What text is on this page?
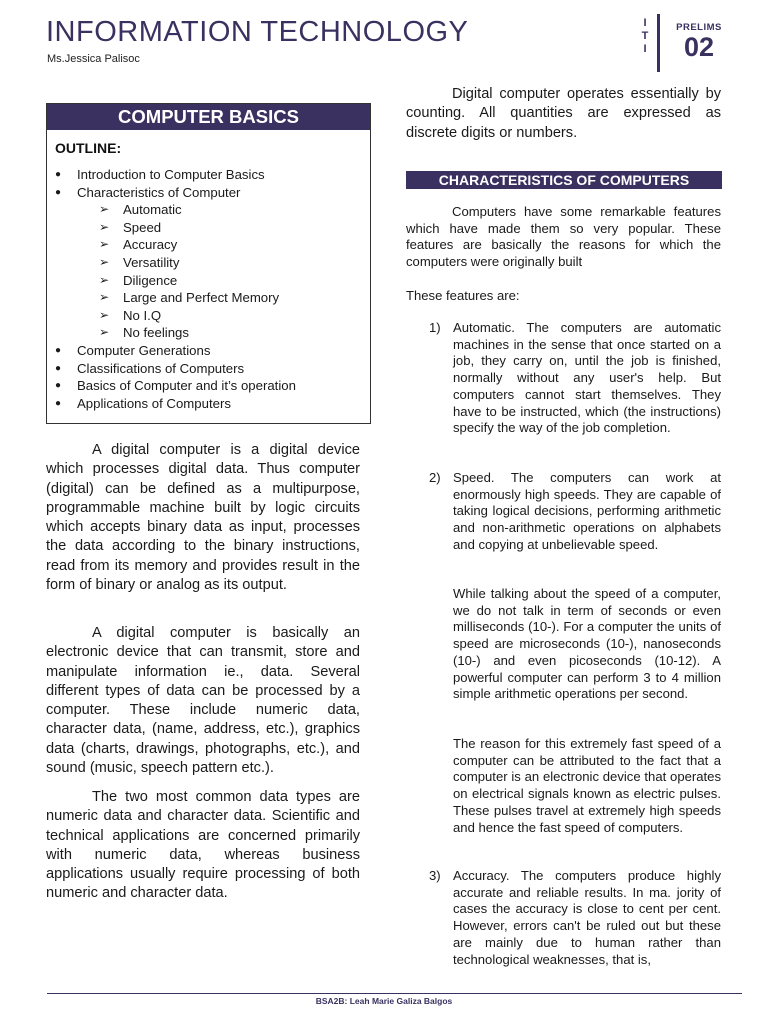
INFORMATION TECHNOLOGY
Ms.Jessica Palisoc
I
T
I
PRELIMS
02
COMPUTER BASICS
OUTLINE:
● Introduction to Computer Basics
● Characteristics of Computer
➢ Automatic
➢ Speed
➢ Accuracy
➢ Versatility
➢ Diligence
➢ Large and Perfect Memory
➢ No I.Q
➢ No feelings
● Computer Generations
● Classifications of Computers
● Basics of Computer and it’s operation
● Applications of Computers
A digital computer is a digital device which processes digital data. Thus computer (digital) can be defined as a multipurpose, programmable machine built by logic circuits which accepts binary data as input, processes the data according to the binary instructions, read from its memory and provides result in the form of binary or analog as its output.
A digital computer is basically an electronic device that can transmit, store and manipulate information ie., data. Several different types of data can be processed by a computer. These include numeric data, character data, (name, address, etc.), graphics data (charts, drawings, photographs, etc.), and sound (music, speech pattern etc.).
The two most common data types are numeric data and character data. Scientific and technical applications are concerned primarily with numeric data, whereas business applications usually require processing of both numeric and character data.
Digital computer operates essentially by counting. All quantities are expressed as discrete digits or numbers.
CHARACTERISTICS OF COMPUTERS
Computers have some remarkable features which have made them so very popular. These features are basically the reasons for which the computers were originally built
These features are:
1) Automatic. The computers are automatic machines in the sense that once started on a job, they carry on, until the job is finished, normally without any user's help. But computers cannot start themselves. They have to be instructed, which (the instructions) specify the way of the job completion.
2) Speed. The computers can work at enormously high speeds. They are capable of taking logical decisions, performing arithmetic and non-arithmetic operations on alphabets and copying at unbelievable speed.
While talking about the speed of a computer, we do not talk in term of seconds or even milliseconds (10-). For a computer the units of speed are microseconds (10-), nanoseconds (10-) and even picoseconds (10-12). A powerful computer can perform 3 to 4 million simple arithmetic operations per second.
The reason for this extremely fast speed of a computer can be attributed to the fact that a computer is an electronic device that operates on electrical signals known as electric pulses. These pulses travel at extremely high speeds and hence the fast speed of computers.
3) Accuracy. The computers produce highly accurate and reliable results. In ma. jority of cases the accuracy is close to cent per cent. However, errors can't be ruled out but these are mainly due to human rather than technological weaknesses, that is,
BSA2B: Leah Marie Galiza Balgos
